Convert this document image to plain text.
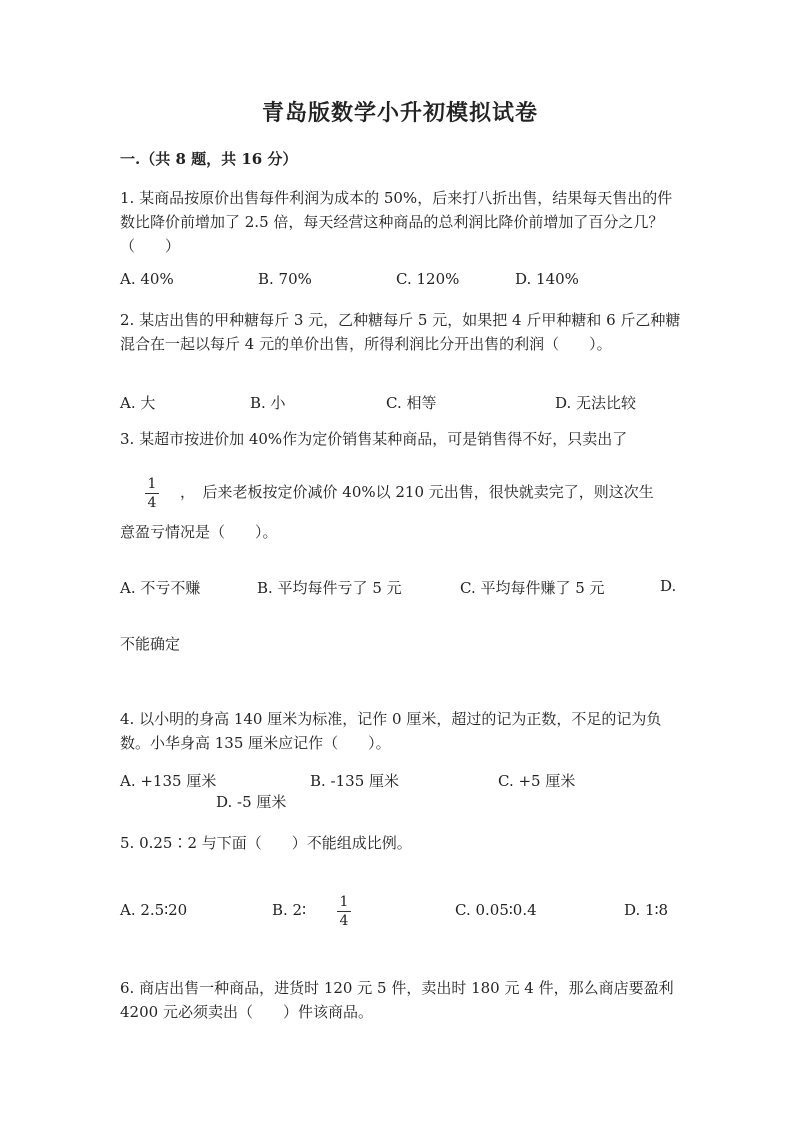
青岛版数学小升初模拟试卷
一.（共 8 题，共 16 分）
1. 某商品按原价出售每件利润为成本的 50%，后来打八折出售，结果每天售出的件数比降价前增加了 2.5 倍，每天经营这种商品的总利润比降价前增加了百分之几？（　　）
A. 40%	B. 70%	C. 120%	D. 140%
2. 某店出售的甲种糖每斤 3 元，乙种糖每斤 5 元，如果把 4 斤甲种糖和 6 斤乙种糖混合在一起以每斤 4 元的单价出售，所得利润比分开出售的利润（　　）。
A. 大	B. 小	C. 相等	D. 无法比较
3. 某超市按进价加 40%作为定价销售某种商品，可是销售得不好，只卖出了
1
4
，　后来老板按定价减价 40%以 210 元出售，很快就卖完了，则这次生
意盈亏情况是（　　）。
A. 不亏不赚	B. 平均每件亏了 5 元	C. 平均每件赚了 5 元	D.
不能确定
4. 以小明的身高 140 厘米为标准，记作 0 厘米，超过的记为正数，不足的记为负数。小华身高 135 厘米应记作（　　）。
A. +135 厘米	B. -135 厘米	C. +5 厘米
D. -5 厘米
5. 0.25∶2 与下面（　　）不能组成比例。
A. 2.5∶20	B. 2∶	1
4
C. 0.05∶0.4	D. 1∶8
6. 商店出售一种商品，进货时 120 元 5 件，卖出时 180 元 4 件，那么商店要盈利 4200 元必须卖出（　　）件该商品。
